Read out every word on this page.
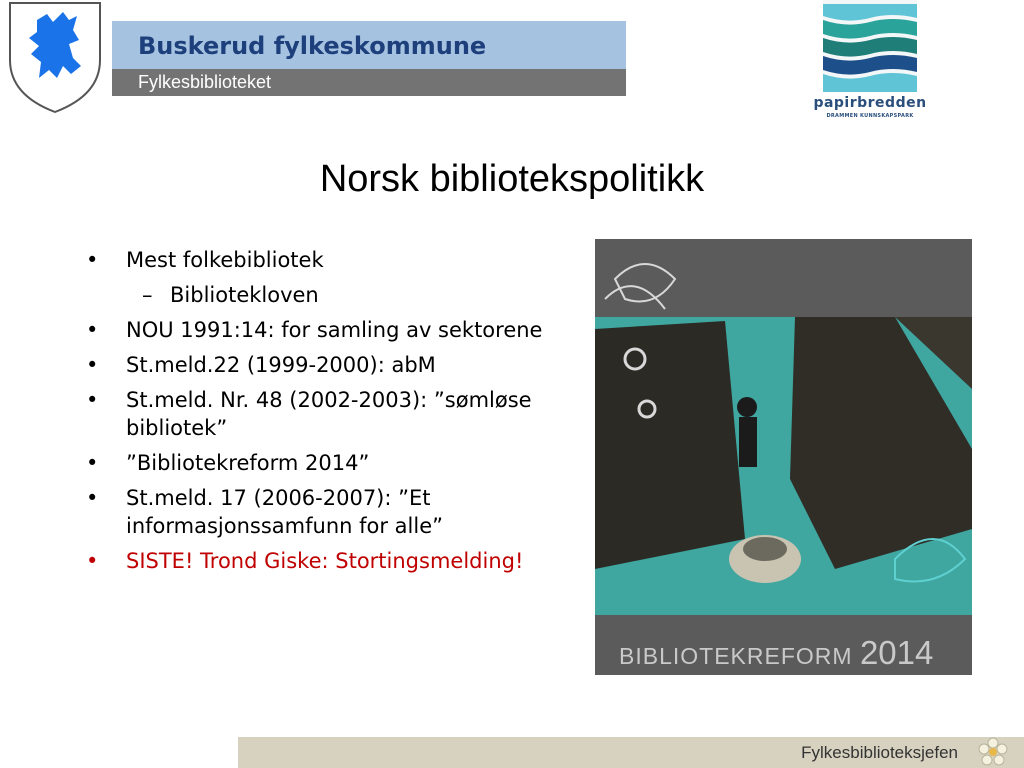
Buskerud fylkeskommune
Fylkesbiblioteket
papirbredden
DRAMMEN KUNNSKAPSPARK
Norsk bibliotekspolitikk
• Mest folkebibliotek
– Bibliotekloven
• NOU 1991:14: for samling av sektorene
• St.meld.22 (1999-2000): abM
• St.meld. Nr. 48 (2002-2003): ”sømløse bibliotek”
• ”Bibliotekreform 2014”
• St.meld. 17 (2006-2007): ”Et informasjonssamfunn for alle”
• SISTE! Trond Giske: Stortingsmelding!
BIBLIOTEKREFORM 2014
Fylkesbiblioteksjefen
